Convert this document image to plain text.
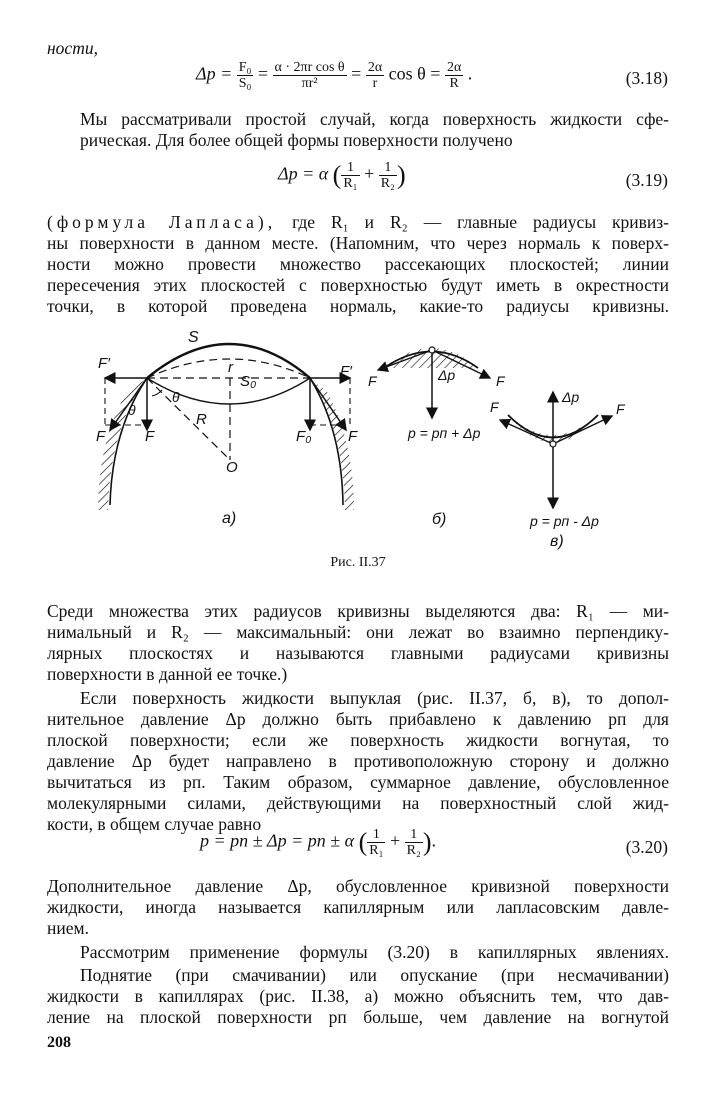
ности,
$\Delta p = \frac{\text{F₀}}{\text{S₀}} = \frac{\text{α · 2πr cos θ}}{\text{πr²}} = \frac{2\alpha}{r}$ $\cos \theta = \frac{2\alpha}{R}$ .	(3.18)
Мы рассматривали простой случай, когда поверхность жидкости сфе-
рическая. Для более общей формы поверхности получено
Δp = α ( $\frac{1}{\text{R₁}} + \frac{1}{\text{R₂}}$ )	(3.19)
(формула Лапласа), где R₁ и R₂ — главные радиусы кривиз-
ны поверхности в данном месте. (Напомним, что через нормаль к поверх-
ности можно провести множество рассекающих плоскостей; линии
пересечения этих плоскостей с поверхностью будут иметь в окрестности
точки, в которой проведена нормаль, какие-то радиусы кривизны.
S
F′	F′
r
S₀
θ
θ
R
O
F	F	F₀ F
а)
F	F
Δp
p = pп + Δp
б)
F	F
Δp
p = pп - Δp
в)
Рис. II.37
Среди множества этих радиусов кривизны выделяются два: R₁ — ми-
нимальный и R₂ — максимальный: они лежат во взаимно перпендику-
лярных плоскостях и называются главными радиусами кривизны
поверхности в данной ее точке.)
Если поверхность жидкости выпуклая (рис. II.37, б, в), то допол-
нительное давление Δp должно быть прибавлено к давлению pп для
плоской поверхности; если же поверхность жидкости вогнутая, то
давление Δp будет направлено в противоположную сторону и должно
вычитаться из pп. Таким образом, суммарное давление, обусловленное
молекулярными силами, действующими на поверхностный слой жид-
кости, в общем случае равно
p = pп ± Δp = pп ± α ( $\frac{1}{\text{R₁}} + \frac{1}{\text{R₂}}$ ).	(3.20)
Дополнительное давление Δp, обусловленное кривизной поверхности
жидкости, иногда называется капиллярным или лапласовским давле-
нием.
Рассмотрим применение формулы (3.20) в капиллярных явлениях.
Поднятие (при смачивании) или опускание (при несмачивании)
жидкости в капиллярах (рис. II.38, а) можно объяснить тем, что дав-
ление на плоской поверхности pп больше, чем давление на вогнутой
208
